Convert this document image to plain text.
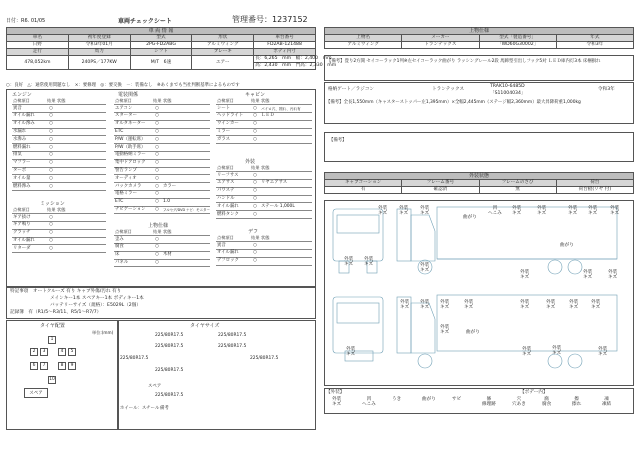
日付：R6. 01/05	車両チェックシート	管理番号：1237152
車 両 情 報				
車名	初年度登録	型式	形状	車台番号
日野	令和3年01月	2PG-FD2ABG	アルミウィング	FD2AB-121488
走行	馬力	シフト	ブレーキ	ボディ内寸
478,052km	240PS／177KW	M/T　6速	エアー	長：6,265　mm　 幅：2,400　mm
				高：2,430　mm　 門高：2,330　mm
○：良好　 △：通常使用問題なし　 ×：要修理　 ◎：要交換　 －：装備なし　 ※あくまでも当社判断基準によるものです
エンジン
点検項目	結果	状態
異音	○	
オイル漏れ	○	
オイル滲み	○	
水漏れ	○	
水滲み	○	
燃料漏れ	○	
排気	○	
マフラー	○	
ターボ	○	
オイル量	○	
燃料滲み	○	
ミッション
点検項目	結果	状態
ギア抜け	○	
ギア鳴り	○	
クラッチ	○	
オイル漏れ	○	
リターダ	○	
電装関係
点検項目	結果	状態
エアコン	○	
スターター	○	
オルタネーター	○	
ETC	○	
P/W（運転席）	○	
P/W（助手席）	○	
電動格納ミラー	○	
集中ドアロック	○	
警告ランプ	○	
オーディオ	○	
バックカメラ	○	カラー
電格ミラー	○	
ETC	○	1.0
ナビゲーション	○	フルセグ/DVD ナビ：モニター
上物仕様
点検項目	結果	状態
歪み	○	
腐食	○	
床	○	木材
パネル	○	
キャビン
点検項目	結果	状態
シート	○	パイロ穴、擦れ、汚れ有
ヘッドライト	○	ＬＥＤ
ウインカー	○	
ミラー	○	
ガラス	○	
外装
点検項目	結果	状態
リーフサス	○	
エアサス	○	リヤエアサス
パワステ	○	
ハンドル	○	
オイル漏れ	○	ステール 1,000L
燃料タンク	○	
デフ
点検項目	結果	状態
異音	○	
オイル漏れ	○	
デフロック	○	
特記事項　 オートクルーズ 有り キャブ外傷/汚れ 有り
メインキー1本 スペアキー1本 ボディキー1本
バッテリーサイズ（規格）：E5029L（2個）
記録簿　 有（R1/5〜R3/11、R5/1〜R7/7）
タイヤ配置
単位:(mm)
1
2	3	4	5
6	7	8	9
10
スペア
タイヤサイズ
225/80R17.5	225/80R17.5
225/80R17.5	225/80R17.5
225/80R17.5	225/80R17.5
225/80R17.5
スペア
225/80R17.5
ホイール：スチール 備考
上物仕様			
上物名	メーカー	型式「製造番号」	年式
アルミウィング	トランテックス	「WD60G30002」	令和3年
【備考】畳り2方開 セイコーラック1列※左セイコーラック曲がり ラッシングレール2段 馬蹄型引出しフック5対 ＬＥＤ庫内灯3本 床梱損れ
格納ゲート／ラジコン	トランテックス
TRAK10-6485D
「S11004034」
令和3年
【備考】全長1,550mm（キャスターストッパー左1,395mm）×全幅2,445mm（ステージ幅2,360mm）最大昇降荷重1,000kg
【備考】
外装状態			
キャブコーション	フレーム番号	フレームのさび	荷台
有	確認済	無	荷台板(リヤ 付)
外装
キズ
外装
キズ
外装
キズ
凹
へこみ
外装
キズ
外装
キズ
外装
キズ
外装
キズ
外装
キズ
曲がり
曲がり
外装
キズ
外装
キズ	外装
キズ	外装
キズ
外装
キズ
外装
キズ
外装
キズ
外装
キズ
外装
キズ
外装
キズ
外装
キズ
外装
キズ
外装
キズ
外装
キズ
外装
キズ	曲がり
外装
キズ
外装
キズ
外装
キズ
外装
キズ
【外装】	【ボデー内】
外装
キズ
凹
へこみ
うき	曲がり	サビ	修
修理跡
穴
穴あき
腐
腐食
擦
擦れ
凍
凍結
